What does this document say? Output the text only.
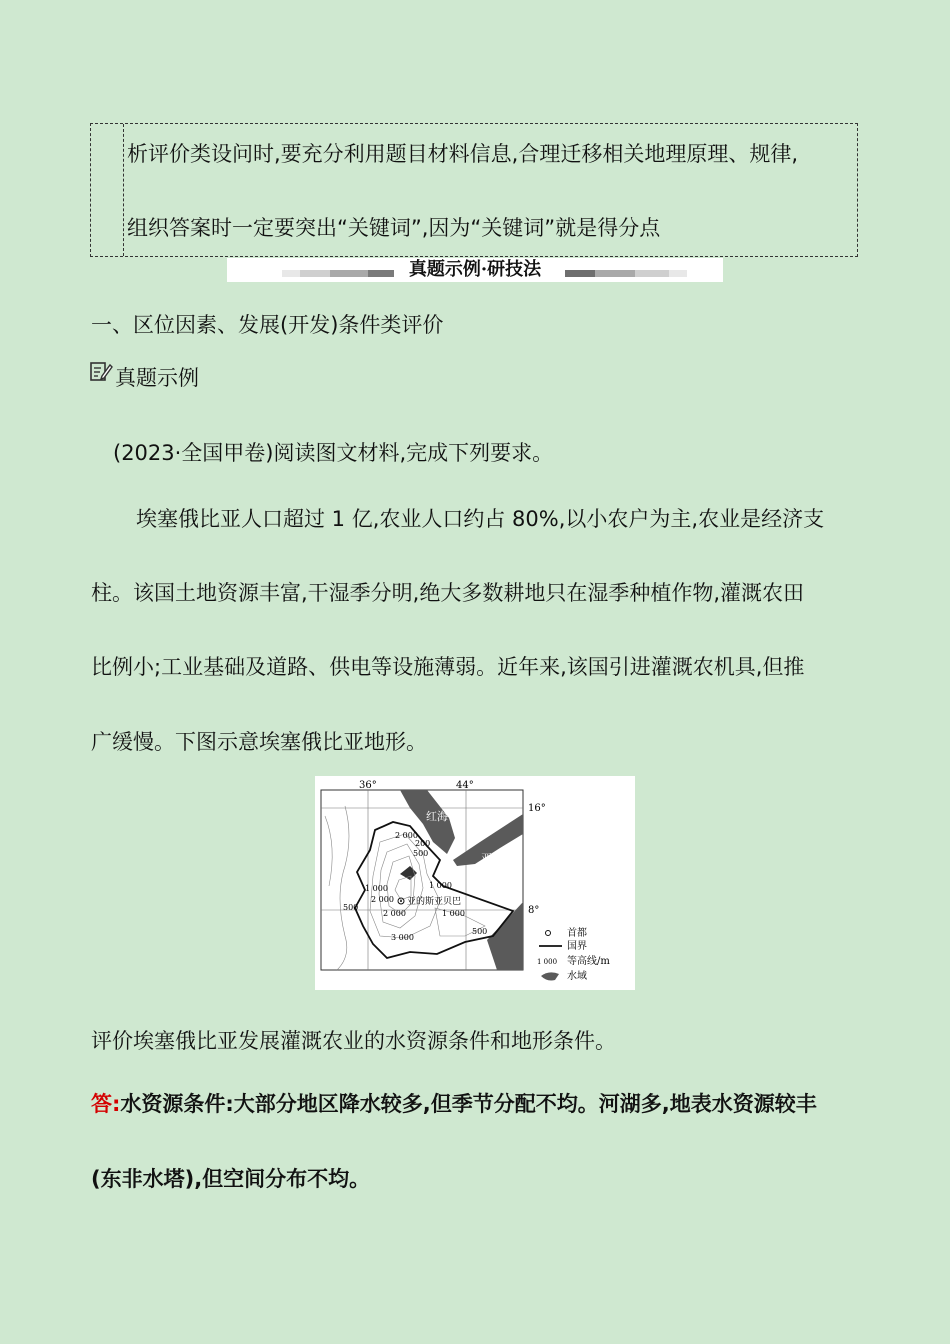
析评价类设问时,要充分利用题目材料信息,合理迁移相关地理原理、规律,
组织答案时一定要突出“关键词”,因为“关键词”就是得分点
真题示例·研技法
一、区位因素、发展(开发)条件类评价
真题示例
(2023·全国甲卷)阅读图文材料,完成下列要求。
埃塞俄比亚人口超过 1 亿,农业人口约占 80%,以小农户为主,农业是经济支
柱。该国土地资源丰富,干湿季分明,绝大多数耕地只在湿季种植作物,灌溉农田
比例小;工业基础及道路、供电等设施薄弱。近年来,该国引进灌溉农机具,但推
广缓慢。下图示意埃塞俄比亚地形。
36°	44°
16°
8°
红海
亚丁湾
亚的斯亚贝巴
2 000
200
500
1 000
1 000
1 000
2 000
2 000
3 000
500
500	首都
国界
1 000 等高线/m
水域
评价埃塞俄比亚发展灌溉农业的水资源条件和地形条件。
答:水资源条件:大部分地区降水较多,但季节分配不均。河湖多,地表水资源较丰
(东非水塔),但空间分布不均。
